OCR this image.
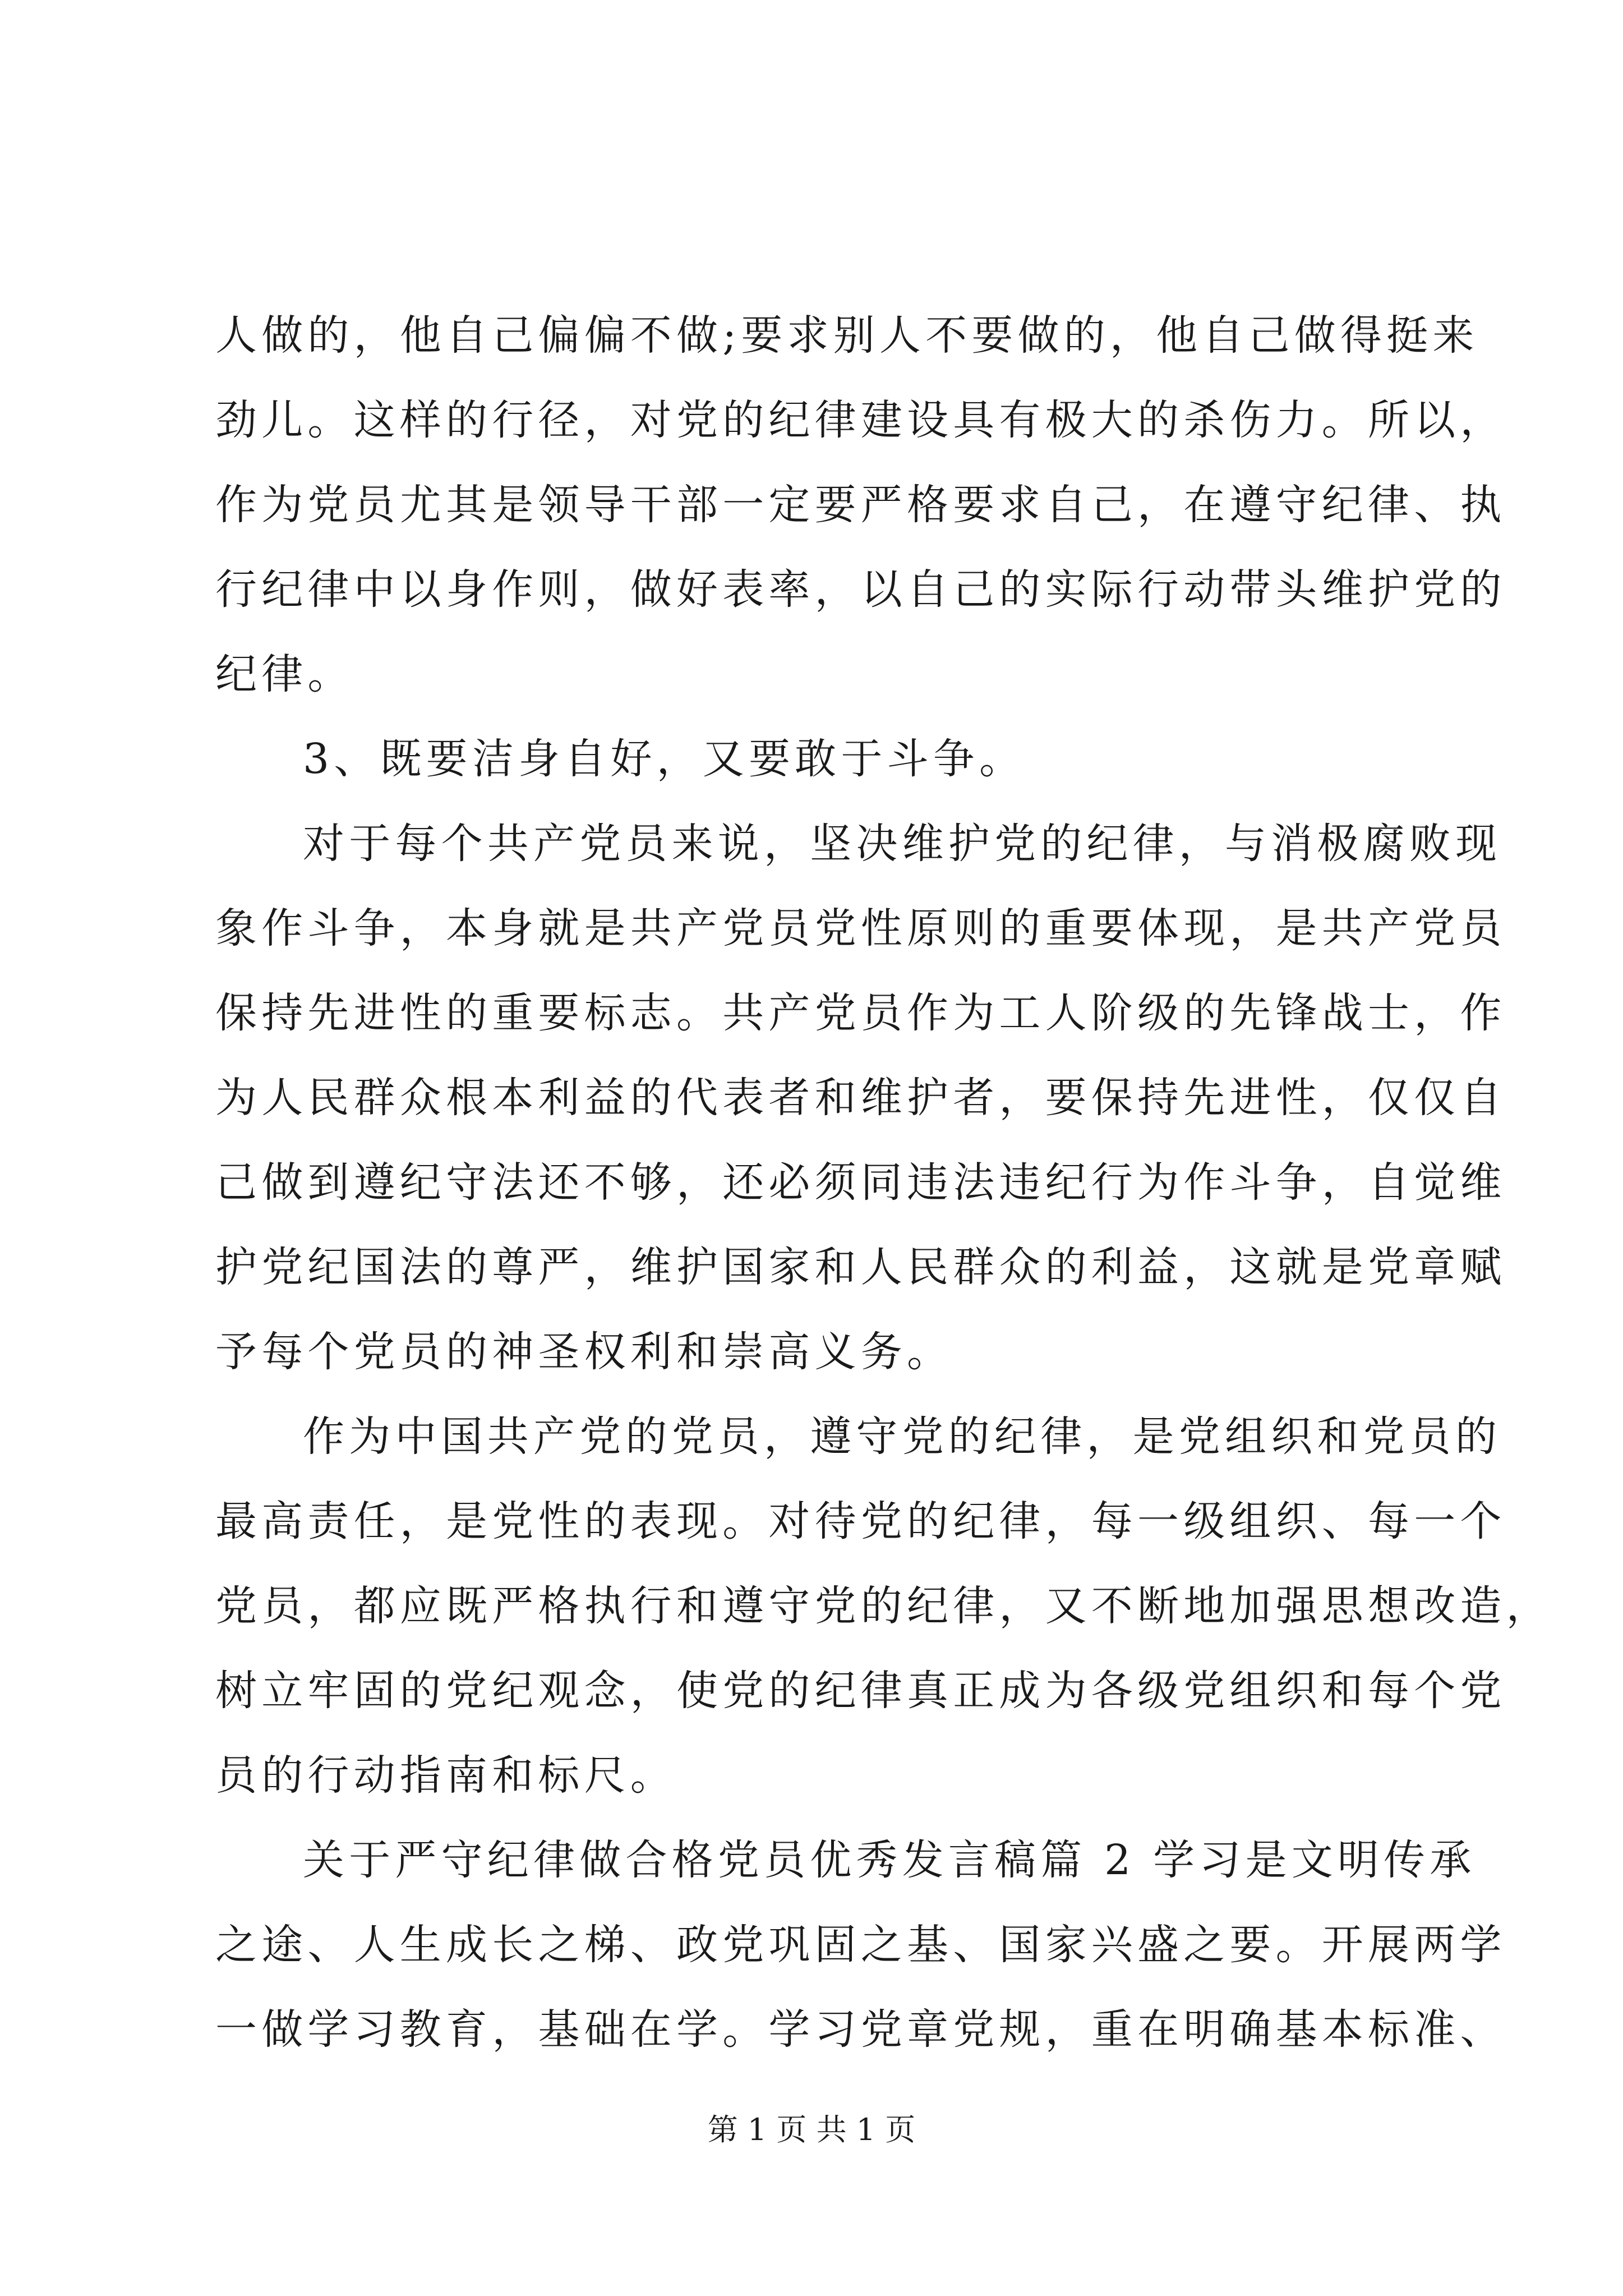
人做的，他自己偏偏不做;要求别人不要做的，他自己做得挺来
劲儿。这样的行径，对党的纪律建设具有极大的杀伤力。所以，
作为党员尤其是领导干部一定要严格要求自己，在遵守纪律、执
行纪律中以身作则，做好表率，以自己的实际行动带头维护党的
纪律。
3、既要洁身自好，又要敢于斗争。
对于每个共产党员来说，坚决维护党的纪律，与消极腐败现
象作斗争，本身就是共产党员党性原则的重要体现，是共产党员
保持先进性的重要标志。共产党员作为工人阶级的先锋战士，作
为人民群众根本利益的代表者和维护者，要保持先进性，仅仅自
己做到遵纪守法还不够，还必须同违法违纪行为作斗争，自觉维
护党纪国法的尊严，维护国家和人民群众的利益，这就是党章赋
予每个党员的神圣权利和崇高义务。
作为中国共产党的党员，遵守党的纪律，是党组织和党员的
最高责任，是党性的表现。对待党的纪律，每一级组织、每一个
党员，都应既严格执行和遵守党的纪律，又不断地加强思想改造，
树立牢固的党纪观念，使党的纪律真正成为各级党组织和每个党
员的行动指南和标尺。
关于严守纪律做合格党员优秀发言稿篇 2 学习是文明传承
之途、人生成长之梯、政党巩固之基、国家兴盛之要。开展两学
一做学习教育，基础在学。学习党章党规，重在明确基本标准、
第 1 页 共 1 页
